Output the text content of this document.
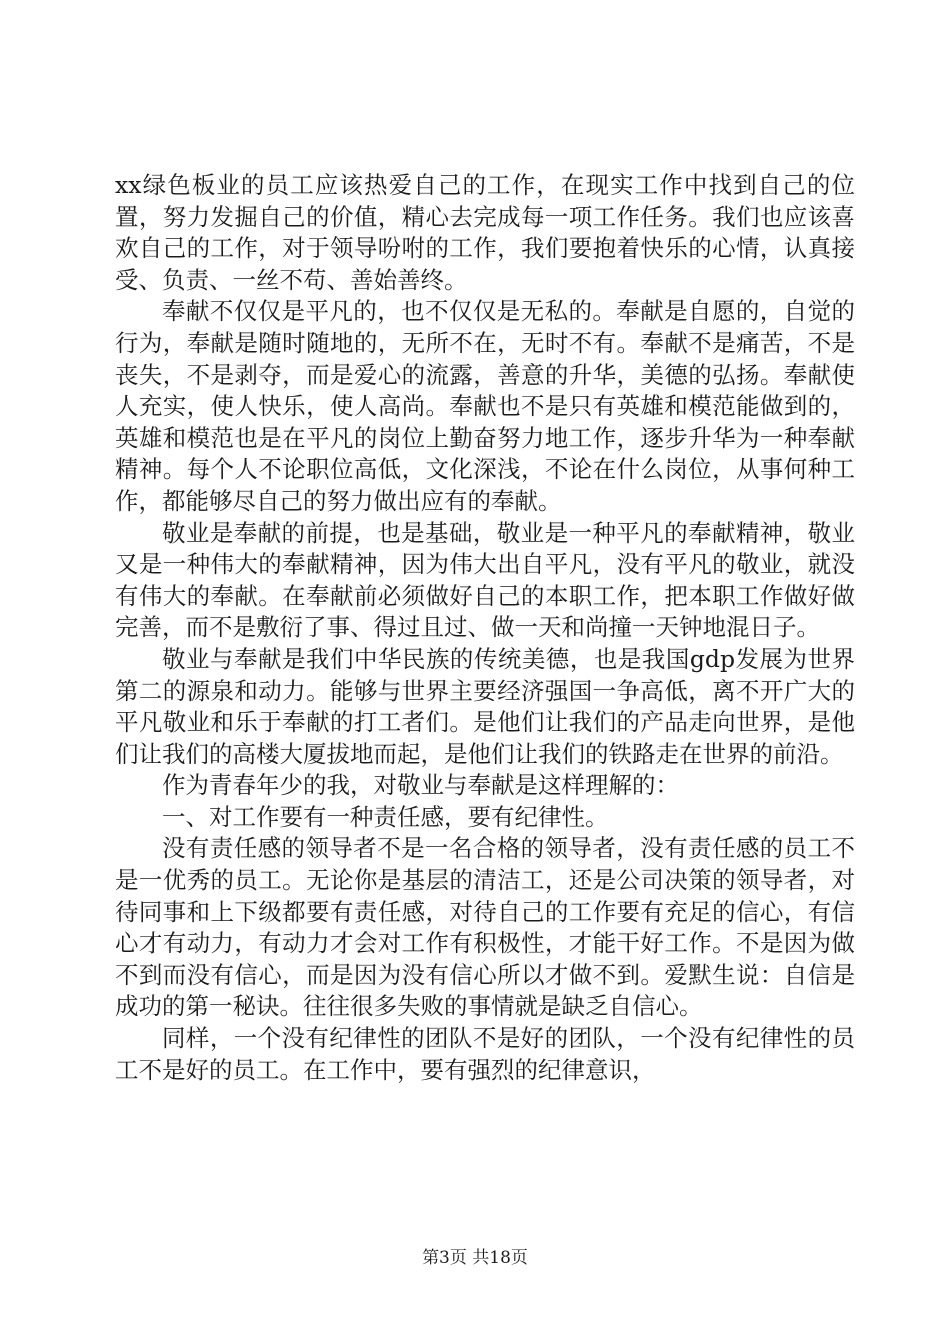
xx绿色板业的员工应该热爱自己的工作，在现实工作中找到自己的位置，努力发掘自己的价值，精心去完成每一项工作任务。我们也应该喜欢自己的工作，对于领导吩咐的工作，我们要抱着快乐的心情，认真接受、负责、一丝不苟、善始善终。

奉献不仅仅是平凡的，也不仅仅是无私的。奉献是自愿的，自觉的行为，奉献是随时随地的，无所不在，无时不有。奉献不是痛苦，不是丧失，不是剥夺，而是爱心的流露，善意的升华，美德的弘扬。奉献使人充实，使人快乐，使人高尚。奉献也不是只有英雄和模范能做到的，英雄和模范也是在平凡的岗位上勤奋努力地工作，逐步升华为一种奉献精神。每个人不论职位高低，文化深浅，不论在什么岗位，从事何种工作，都能够尽自己的努力做出应有的奉献。

敬业是奉献的前提，也是基础，敬业是一种平凡的奉献精神，敬业又是一种伟大的奉献精神，因为伟大出自平凡，没有平凡的敬业，就没有伟大的奉献。在奉献前必须做好自己的本职工作，把本职工作做好做完善，而不是敷衍了事、得过且过、做一天和尚撞一天钟地混日子。

敬业与奉献是我们中华民族的传统美德，也是我国gdp发展为世界第二的源泉和动力。能够与世界主要经济强国一争高低，离不开广大的平凡敬业和乐于奉献的打工者们。是他们让我们的产品走向世界，是他们让我们的高楼大厦拔地而起，是他们让我们的铁路走在世界的前沿。

作为青春年少的我，对敬业与奉献是这样理解的：

一、对工作要有一种责任感，要有纪律性。

没有责任感的领导者不是一名合格的领导者，没有责任感的员工不是一优秀的员工。无论你是基层的清洁工，还是公司决策的领导者，对待同事和上下级都要有责任感，对待自己的工作要有充足的信心，有信心才有动力，有动力才会对工作有积极性，才能干好工作。不是因为做不到而没有信心，而是因为没有信心所以才做不到。爱默生说：自信是成功的第一秘诀。往往很多失败的事情就是缺乏自信心。

同样，一个没有纪律性的团队不是好的团队，一个没有纪律性的员工不是好的员工。在工作中，要有强烈的纪律意识，

第3页 共18页
